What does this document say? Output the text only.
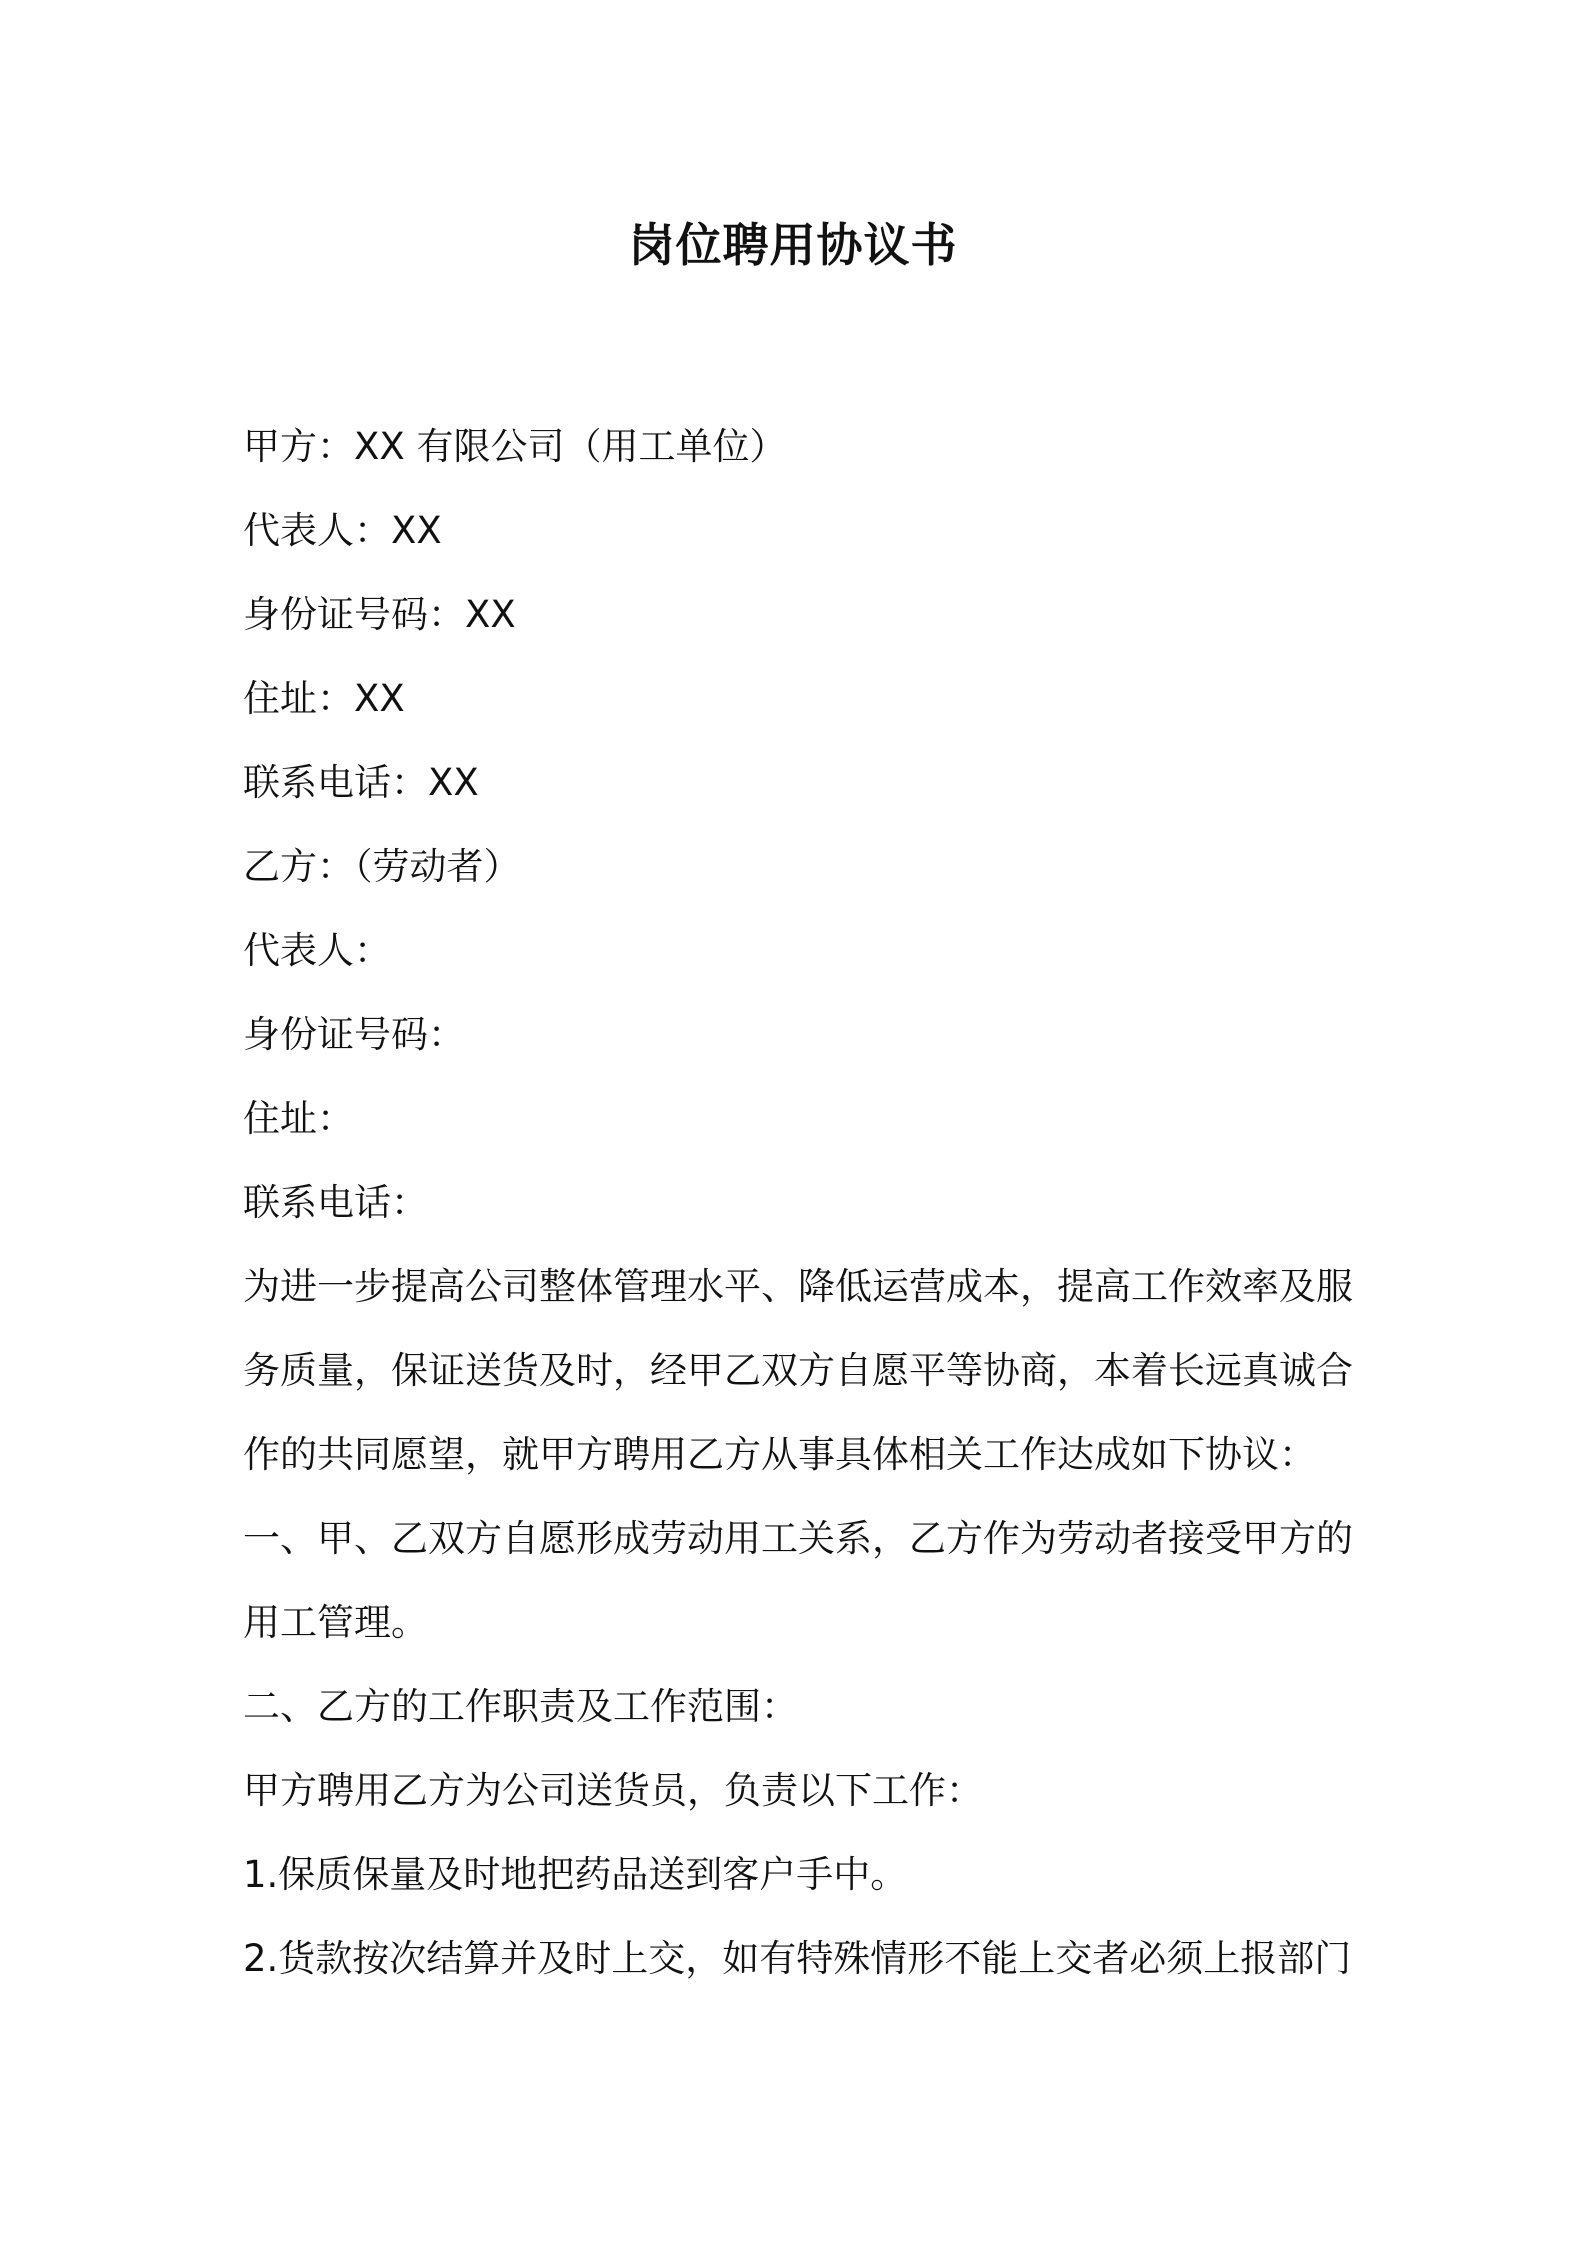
岗位聘用协议书

甲方：XX 有限公司（用工单位）

代表人：XX

身份证号码：XX

住址：XX

联系电话：XX

乙方：（劳动者）

代表人：

身份证号码：

住址：

联系电话：

为进一步提高公司整体管理水平、降低运营成本，提高工作效率及服

务质量，保证送货及时，经甲乙双方自愿平等协商，本着长远真诚合

作的共同愿望，就甲方聘用乙方从事具体相关工作达成如下协议：

一、甲、乙双方自愿形成劳动用工关系，乙方作为劳动者接受甲方的

用工管理。

二、乙方的工作职责及工作范围：

甲方聘用乙方为公司送货员，负责以下工作：

1.保质保量及时地把药品送到客户手中。

2.货款按次结算并及时上交，如有特殊情形不能上交者必须上报部门
